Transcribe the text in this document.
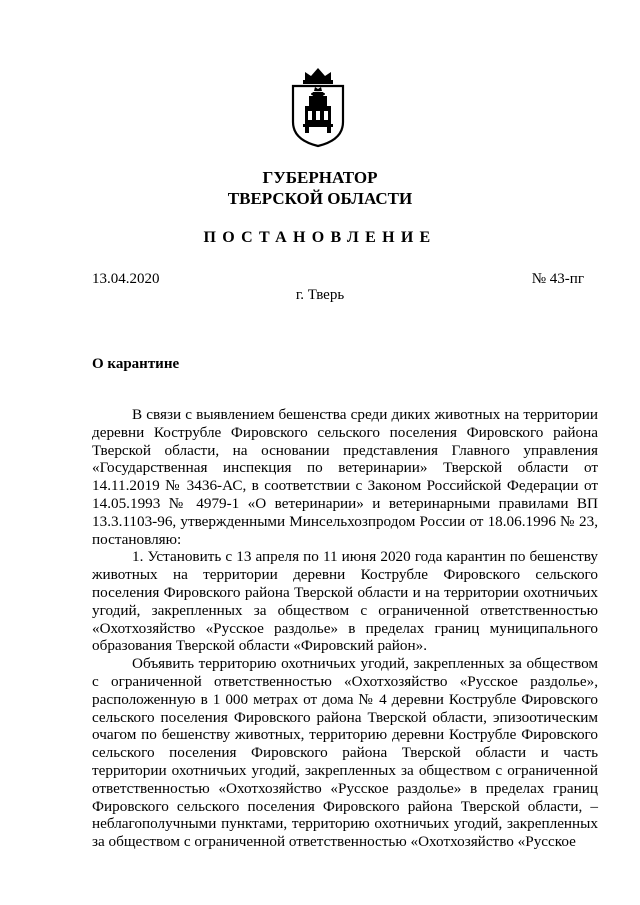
ГУБЕРНАТОР
ТВЕРСКОЙ ОБЛАСТИ
ПОСТАНОВЛЕНИЕ
13.04.2020	№ 43-пг
г. Тверь
О карантине

В связи с выявлением бешенства среди диких животных на территории деревни Кострубле Фировского сельского поселения Фировского района Тверской области, на основании представления Главного управления «Государственная инспекция по ветеринарии» Тверской области от 14.11.2019 № 3436-АС, в соответствии с Законом Российской Федерации от 14.05.1993 № 4979-1 «О ветеринарии» и ветеринарными правилами ВП 13.3.1103-96, утвержденными Минсельхозпродом России от 18.06.1996 № 23, постановляю:

1. Установить с 13 апреля по 11 июня 2020 года карантин по бешенству животных на территории деревни Кострубле Фировского сельского поселения Фировского района Тверской области и на территории охотничьих угодий, закрепленных за обществом с ограниченной ответственностью «Охотхозяйство «Русское раздолье» в пределах границ муниципального образования Тверской области «Фировский район».

Объявить территорию охотничьих угодий, закрепленных за обществом с ограниченной ответственностью «Охотхозяйство «Русское раздолье», расположенную в 1 000 метрах от дома № 4 деревни Кострубле Фировского сельского поселения Фировского района Тверской области, эпизоотическим очагом по бешенству животных, территорию деревни Кострубле Фировского сельского поселения Фировского района Тверской области и часть территории охотничьих угодий, закрепленных за обществом с ограниченной ответственностью «Охотхозяйство «Русское раздолье» в пределах границ Фировского сельского поселения Фировского района Тверской области, – неблагополучными пунктами, территорию охотничьих угодий, закрепленных за обществом с ограниченной ответственностью «Охотхозяйство «Русское
